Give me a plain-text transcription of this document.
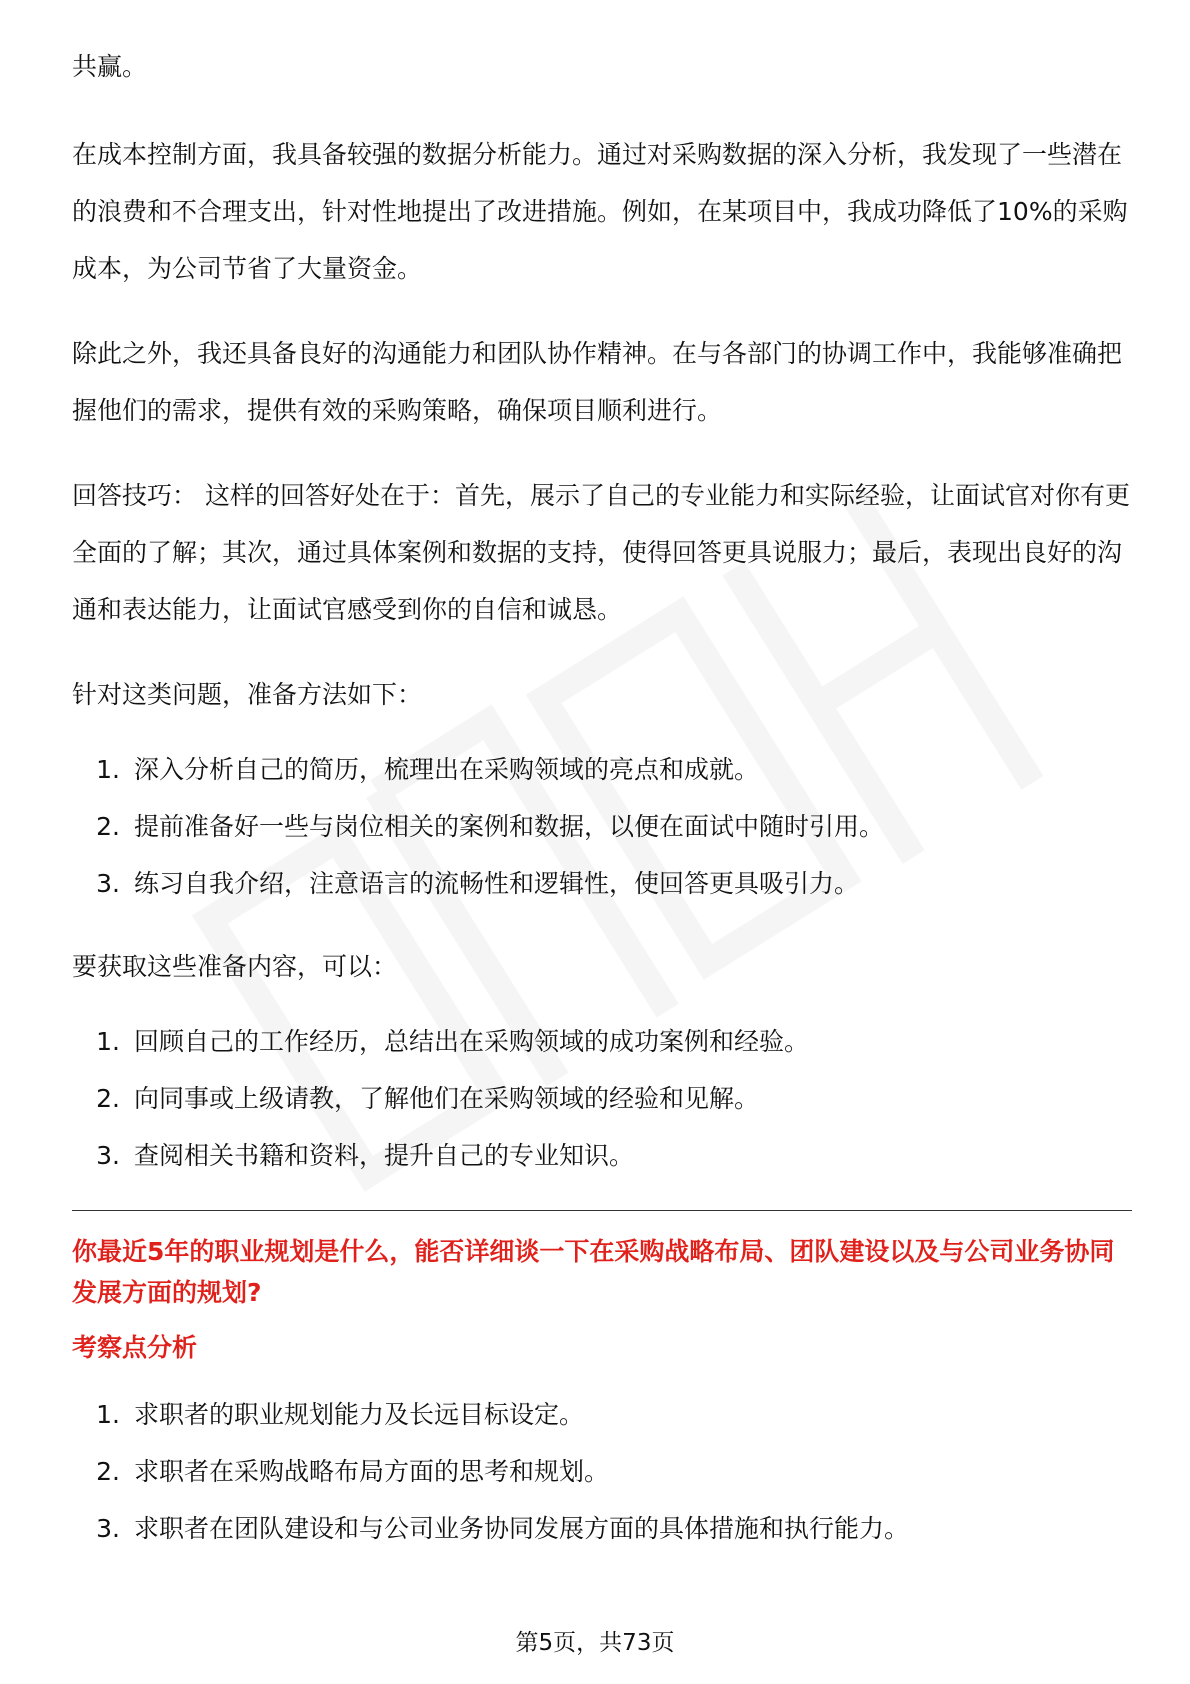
共赢。

在成本控制方面，我具备较强的数据分析能力。通过对采购数据的深入分析，我发现了一些潜在的浪费和不合理支出，针对性地提出了改进措施。例如，在某项目中，我成功降低了10%的采购成本，为公司节省了大量资金。

除此之外，我还具备良好的沟通能力和团队协作精神。在与各部门的协调工作中，我能够准确把握他们的需求，提供有效的采购策略，确保项目顺利进行。

回答技巧： 这样的回答好处在于：首先，展示了自己的专业能力和实际经验，让面试官对你有更全面的了解；其次，通过具体案例和数据的支持，使得回答更具说服力；最后，表现出良好的沟通和表达能力，让面试官感受到你的自信和诚恳。

针对这类问题，准备方法如下：

1. 深入分析自己的简历，梳理出在采购领域的亮点和成就。
2. 提前准备好一些与岗位相关的案例和数据，以便在面试中随时引用。
3. 练习自我介绍，注意语言的流畅性和逻辑性，使回答更具吸引力。

要获取这些准备内容，可以：

1. 回顾自己的工作经历，总结出在采购领域的成功案例和经验。
2. 向同事或上级请教，了解他们在采购领域的经验和见解。
3. 查阅相关书籍和资料，提升自己的专业知识。
你最近5年的职业规划是什么，能否详细谈一下在采购战略布局、团队建设以及与公司业务协同发展方面的规划?
考察点分析
1. 求职者的职业规划能力及长远目标设定。
2. 求职者在采购战略布局方面的思考和规划。
3. 求职者在团队建设和与公司业务协同发展方面的具体措施和执行能力。
第5页，共73页
